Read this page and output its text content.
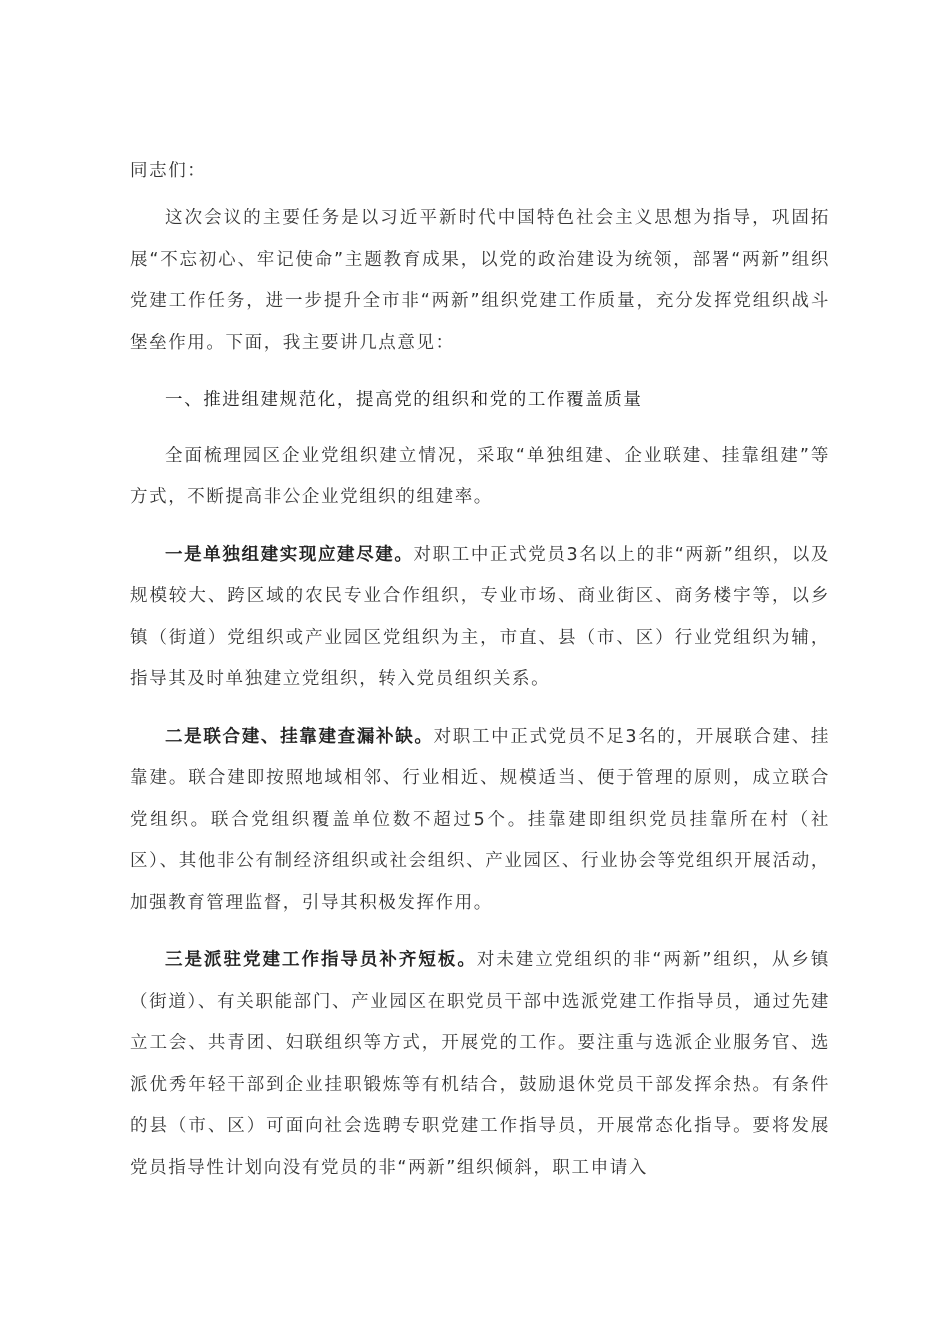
同志们：

这次会议的主要任务是以习近平新时代中国特色社会主义思想为指导，巩固拓展“不忘初心、牢记使命”主题教育成果，以党的政治建设为统领，部署“两新”组织党建工作任务，进一步提升全市非“两新”组织党建工作质量，充分发挥党组织战斗堡垒作用。下面，我主要讲几点意见：

一、推进组建规范化，提高党的组织和党的工作覆盖质量

全面梳理园区企业党组织建立情况，采取“单独组建、企业联建、挂靠组建”等方式，不断提高非公企业党组织的组建率。

一是单独组建实现应建尽建。对职工中正式党员3名以上的非“两新”组织，以及规模较大、跨区域的农民专业合作组织，专业市场、商业街区、商务楼宇等，以乡镇（街道）党组织或产业园区党组织为主，市直、县（市、区）行业党组织为辅，指导其及时单独建立党组织，转入党员组织关系。

二是联合建、挂靠建查漏补缺。对职工中正式党员不足3名的，开展联合建、挂靠建。联合建即按照地域相邻、行业相近、规模适当、便于管理的原则，成立联合党组织。联合党组织覆盖单位数不超过5个。挂靠建即组织党员挂靠所在村（社区）、其他非公有制经济组织或社会组织、产业园区、行业协会等党组织开展活动，加强教育管理监督，引导其积极发挥作用。

三是派驻党建工作指导员补齐短板。对未建立党组织的非“两新”组织，从乡镇（街道）、有关职能部门、产业园区在职党员干部中选派党建工作指导员，通过先建立工会、共青团、妇联组织等方式，开展党的工作。要注重与选派企业服务官、选派优秀年轻干部到企业挂职锻炼等有机结合，鼓励退休党员干部发挥余热。有条件的县（市、区）可面向社会选聘专职党建工作指导员，开展常态化指导。要将发展党员指导性计划向没有党员的非“两新”组织倾斜，职工申请入
